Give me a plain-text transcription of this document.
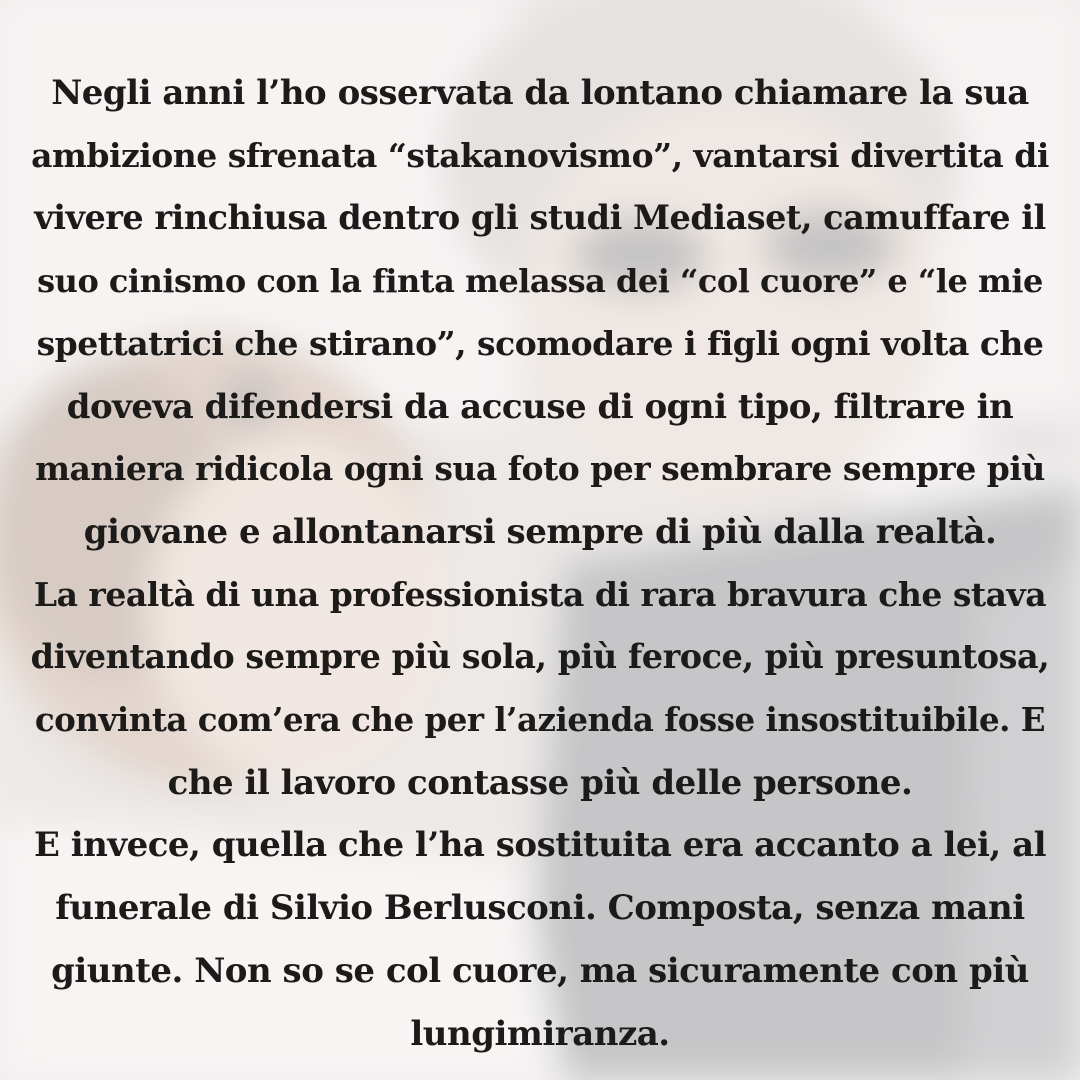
Negli anni l’ho osservata da lontano chiamare la sua
ambizione sfrenata “stakanovismo”, vantarsi divertita di
vivere rinchiusa dentro gli studi Mediaset, camuffare il
suo cinismo con la finta melassa dei “col cuore” e “le mie
spettatrici che stirano”, scomodare i figli ogni volta che
doveva difendersi da accuse di ogni tipo, filtrare in
maniera ridicola ogni sua foto per sembrare sempre più
giovane e allontanarsi sempre di più dalla realtà.
La realtà di una professionista di rara bravura che stava
diventando sempre più sola, più feroce, più presuntosa,
convinta com’era che per l’azienda fosse insostituibile. E
che il lavoro contasse più delle persone.
E invece, quella che l’ha sostituita era accanto a lei, al
funerale di Silvio Berlusconi. Composta, senza mani
giunte. Non so se col cuore, ma sicuramente con più
lungimiranza.
